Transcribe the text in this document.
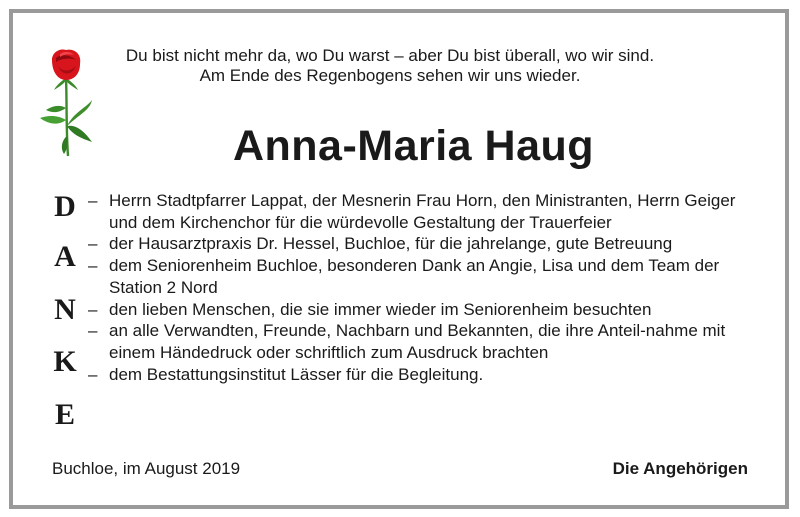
Du bist nicht mehr da, wo Du warst – aber Du bist überall, wo wir sind.
Am Ende des Regenbogens sehen wir uns wieder.
Anna-Maria Haug
D
A
N
K
E
– Herrn Stadtpfarrer Lappat, der Mesnerin Frau Horn, den Ministranten, Herrn Geiger und dem Kirchenchor für die würdevolle Gestaltung der Trauerfeier
– der Hausarztpraxis Dr. Hessel, Buchloe, für die jahrelange, gute Betreuung
– dem Seniorenheim Buchloe, besonderen Dank an Angie, Lisa und dem Team der Station 2 Nord
– den lieben Menschen, die sie immer wieder im Seniorenheim besuchten
– an alle Verwandten, Freunde, Nachbarn und Bekannten, die ihre Anteil-nahme mit einem Händedruck oder schriftlich zum Ausdruck brachten
– dem Bestattungsinstitut Lässer für die Begleitung.
Buchloe, im August 2019	Die Angehörigen
